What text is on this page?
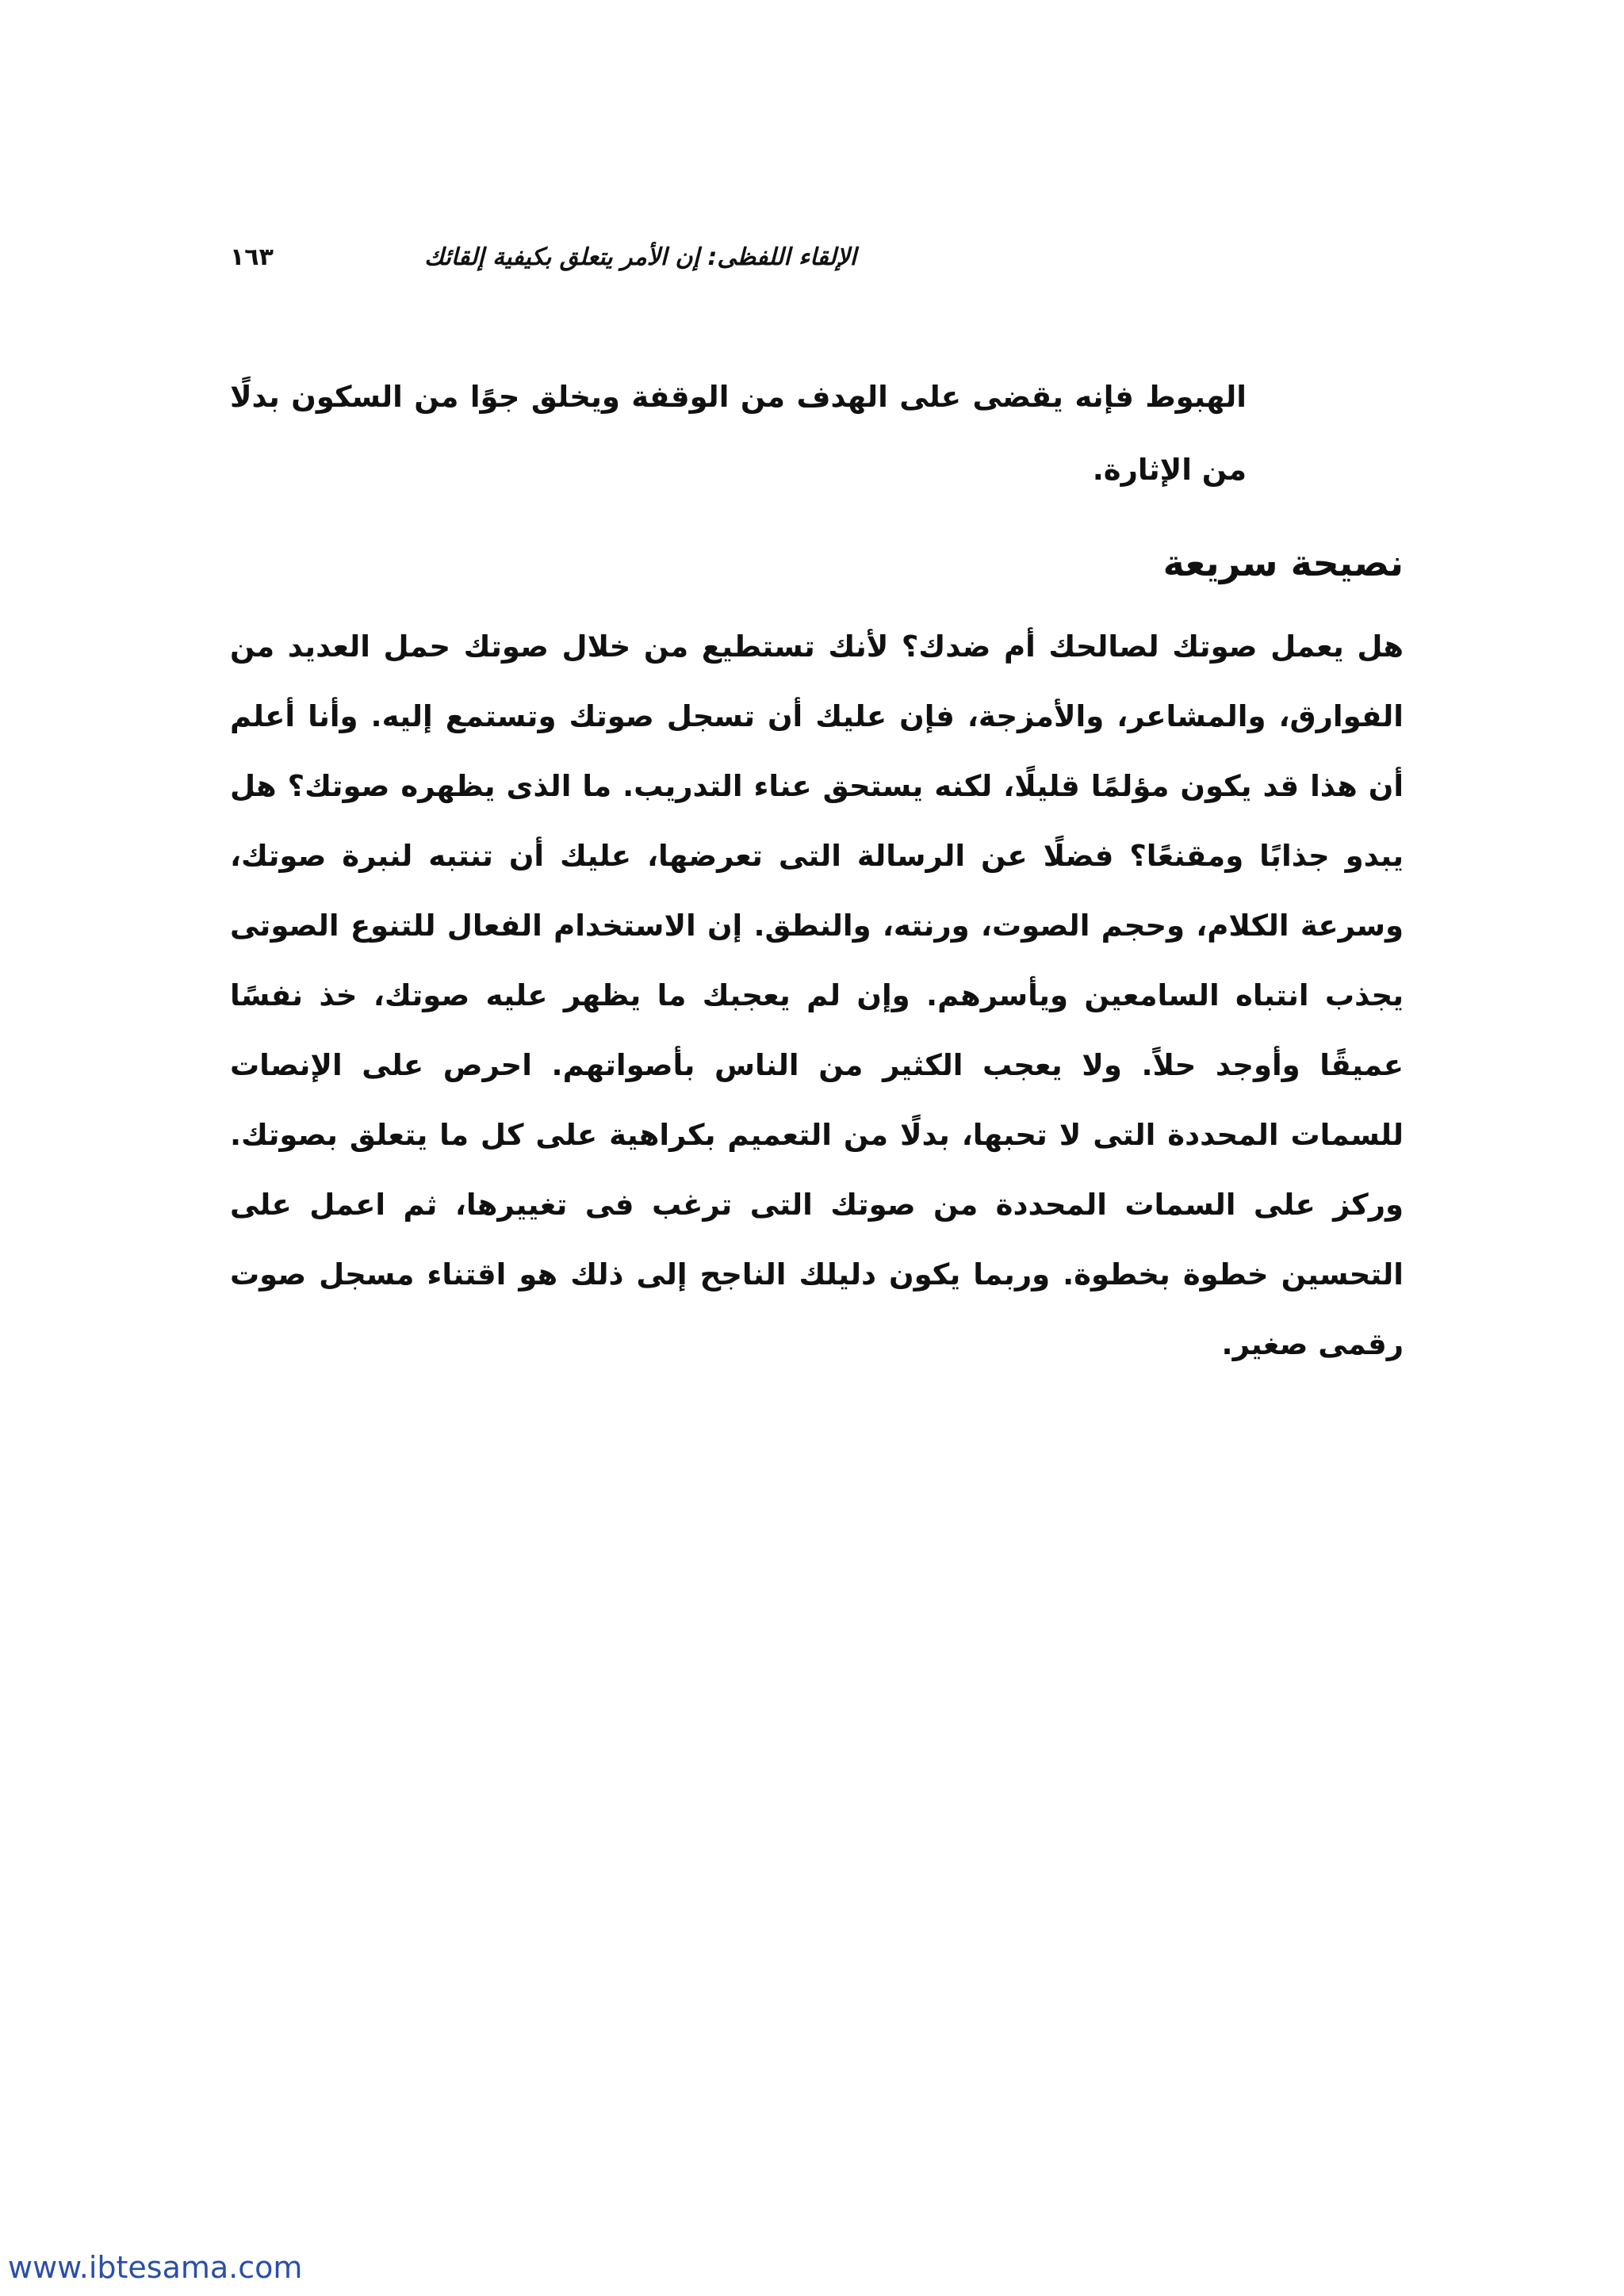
الإلقاء اللفظى: إن الأمر يتعلق بكيفية إلقائك
١٦٣

الهبوط فإنه يقضى على الهدف من الوقفة ويخلق جوًا من السكون بدلًا من الإثارة.

نصيحة سريعة

هل يعمل صوتك لصالحك أم ضدك؟ لأنك تستطيع من خلال صوتك حمل العديد من الفوارق، والمشاعر، والأمزجة، فإن عليك أن تسجل صوتك وتستمع إليه. وأنا أعلم أن هذا قد يكون مؤلمًا قليلًا، لكنه يستحق عناء التدريب. ما الذى يظهره صوتك؟ هل يبدو جذابًا ومقنعًا؟ فضلًا عن الرسالة التى تعرضها، عليك أن تنتبه لنبرة صوتك، وسرعة الكلام، وحجم الصوت، ورنته، والنطق. إن الاستخدام الفعال للتنوع الصوتى يجذب انتباه السامعين ويأسرهم. وإن لم يعجبك ما يظهر عليه صوتك، خذ نفسًا عميقًا وأوجد حلاً. ولا يعجب الكثير من الناس بأصواتهم. احرص على الإنصات للسمات المحددة التى لا تحبها، بدلًا من التعميم بكراهية على كل ما يتعلق بصوتك. وركز على السمات المحددة من صوتك التى ترغب فى تغييرها، ثم اعمل على التحسين خطوة بخطوة. وربما يكون دليلك الناجح إلى ذلك هو اقتناء مسجل صوت رقمى صغير.

www.ibtesama.com
